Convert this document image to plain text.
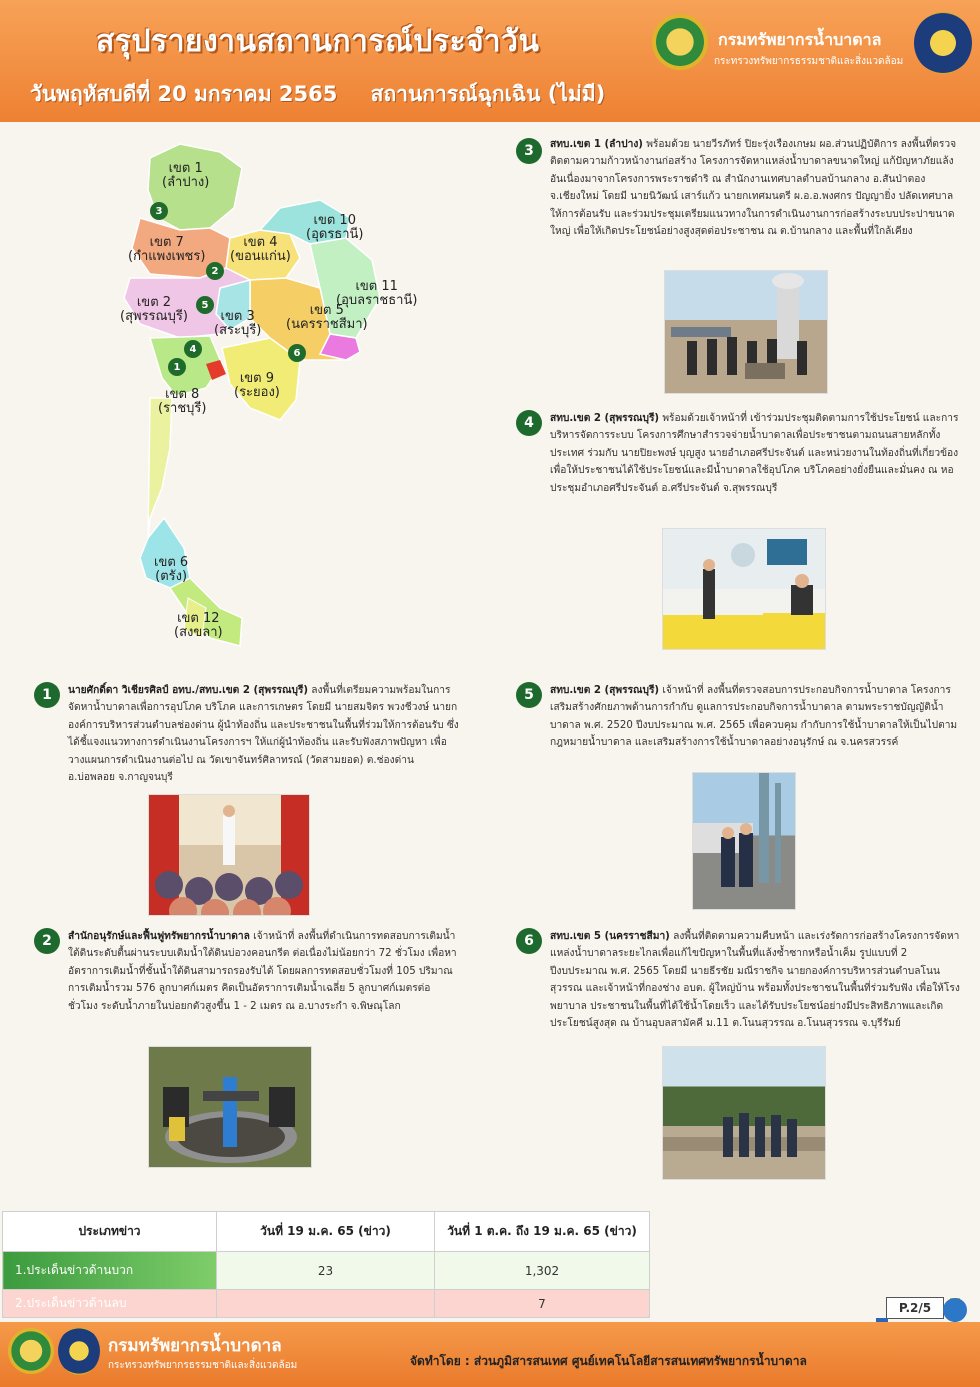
สรุปรายงานสถานการณ์ประจำวัน
วันพฤหัสบดีที่ 20 มกราคม 2565 สถานการณ์ฉุกเฉิน (ไม่มี)
กรมทรัพยากรน้ำบาดาล
กระทรวงทรัพยากรธรรมชาติและสิ่งแวดล้อม
เขต 1
(ลำปาง)
เขต 7
(กำแพงเพชร)
เขต 4
(ขอนแก่น)
เขต 10
(อุดรธานี)
เขต 11
(อุบลราชธานี)
เขต 2
(สุพรรณบุรี)	เขต 3
(สระบุรี)
เขต 5
(นครราชสีมา)
เขต 8
(ราชบุรี)
เขต 9
(ระยอง)
เขต 6
(ตรัง)
เขต 12
(สงขลา)
3
2
5
4
1
6
3	สทบ.เขต 1 (ลำปาง) พร้อมด้วย นายวีรภัทร์ ปิยะรุ่งเรืองเกษม ผอ.ส่วนปฏิบัติการ ลงพื้นที่ตรวจติดตามความก้าวหน้างานก่อสร้าง โครงการจัดหาแหล่งน้ำบาดาลขนาดใหญ่ แก้ปัญหาภัยแล้งอันเนื่องมาจากโครงการพระราชดำริ ณ สำนักงานเทศบาลตำบลบ้านกลาง อ.สันป่าตอง จ.เชียงใหม่ โดยมี นายนิวัฒน์ เสาร์แก้ว นายกเทศมนตรี ผ.อ.อ.พงศกร ปัญญายิ่ง ปลัดเทศบาล ให้การต้อนรับ และร่วมประชุมเตรียมแนวทางในการดำเนินงานการก่อสร้างระบบประปาขนาดใหญ่ เพื่อให้เกิดประโยชน์อย่างสูงสุดต่อประชาชน ณ ต.บ้านกลาง และพื้นที่ใกล้เคียง
4	สทบ.เขต 2 (สุพรรณบุรี) พร้อมด้วยเจ้าหน้าที่ เข้าร่วมประชุมติดตามการใช้ประโยชน์ และการบริหารจัดการระบบ โครงการศึกษาสำรวจจ่ายน้ำบาดาลเพื่อประชาชนตามถนนสายหลักทั้งประเทศ ร่วมกับ นายปิยะพงษ์ บุญสูง นายอำเภอศรีประจันต์ และหน่วยงานในท้องถิ่นที่เกี่ยวข้อง เพื่อให้ประชาชนได้ใช้ประโยชน์และมีน้ำบาดาลใช้อุปโภค บริโภคอย่างยั่งยืนและมั่นคง ณ หอประชุมอำเภอศรีประจันต์ อ.ศรีประจันต์ จ.สุพรรณบุรี
1	นายศักดิ์ดา วิเชียรศิลป์ อทบ./สทบ.เขต 2 (สุพรรณบุรี) ลงพื้นที่เตรียมความพร้อมในการจัดหาน้ำบาดาลเพื่อการอุปโภค บริโภค และการเกษตร โดยมี นายสมจิตร พวงชีวงษ์ นายกองค์การบริหารส่วนตำบลช่องด่าน ผู้นำท้องถิ่น และประชาชนในพื้นที่ร่วมให้การต้อนรับ ซึ่งได้ชี้แจงแนวทางการดำเนินงานโครงการฯ ให้แก่ผู้นำท้องถิ่น และรับฟังสภาพปัญหา เพื่อวางแผนการดำเนินงานต่อไป ณ วัดเขาจันทร์ศิลาทรณ์ (วัดสามยอด) ต.ช่องด่าน อ.บ่อพลอย จ.กาญจนบุรี
5	สทบ.เขต 2 (สุพรรณบุรี) เจ้าหน้าที่ ลงพื้นที่ตรวจสอบการประกอบกิจการน้ำบาดาล โครงการเสริมสร้างศักยภาพด้านการกำกับ ดูแลการประกอบกิจการน้ำบาดาล ตามพระราชบัญญัติน้ำบาดาล พ.ศ. 2520 ปีงบประมาณ พ.ศ. 2565 เพื่อควบคุม กำกับการใช้น้ำบาดาลให้เป็นไปตามกฎหมายน้ำบาดาล และเสริมสร้างการใช้น้ำบาดาลอย่างอนุรักษ์ ณ จ.นครสวรรค์
2	สำนักอนุรักษ์และฟื้นฟูทรัพยากรน้ำบาดาล เจ้าหน้าที่ ลงพื้นที่ดำเนินการทดสอบการเติมน้ำใต้ดินระดับตื้นผ่านระบบเติมน้ำใต้ดินบ่อวงคอนกรีต ต่อเนื่องไม่น้อยกว่า 72 ชั่วโมง เพื่อหาอัตราการเติมน้ำที่ชั้นน้ำใต้ดินสามารถรองรับได้ โดยผลการทดสอบชั่วโมงที่ 105 ปริมาณการเติมน้ำรวม 576 ลูกบาศก์เมตร คิดเป็นอัตราการเติมน้ำเฉลี่ย 5 ลูกบาศก์เมตรต่อชั่วโมง ระดับน้ำภายในบ่อยกตัวสูงขึ้น 1 - 2 เมตร ณ อ.บางระกำ จ.พิษณุโลก
6	สทบ.เขต 5 (นครราชสีมา) ลงพื้นที่ติดตามความคืบหน้า และเร่งรัดการก่อสร้างโครงการจัดหาแหล่งน้ำบาดาลระยะไกลเพื่อแก้ไขปัญหาในพื้นที่แล้งซ้ำซากหรือน้ำเค็ม รูปแบบที่ 2 ปีงบประมาณ พ.ศ. 2565 โดยมี นายธีรชัย มณีราชกิจ นายกองค์การบริหารส่วนตำบลโนนสุวรรณ และเจ้าหน้าที่กองช่าง อบต. ผู้ใหญ่บ้าน พร้อมทั้งประชาชนในพื้นที่ร่วมรับฟัง เพื่อให้โรงพยาบาล ประชาชนในพื้นที่ได้ใช้น้ำโดยเร็ว และได้รับประโยชน์อย่างมีประสิทธิภาพและเกิดประโยชน์สูงสุด ณ บ้านอุบลสามัคคี ม.11 ต.โนนสุวรรณ อ.โนนสุวรรณ จ.บุรีรัมย์
ประเภทข่าว	วันที่ 19 ม.ค. 65 (ข่าว)	วันที่ 1 ต.ค. ถึง 19 ม.ค. 65 (ข่าว)
1.ประเด็นข่าวด้านบวก	23	1,302
2.ประเด็นข่าวด้านลบ		7	P.2/5
กรมทรัพยากรน้ำบาดาล
กระทรวงทรัพยากรธรรมชาติและสิ่งแวดล้อม	จัดทำโดย : ส่วนภูมิสารสนเทศ ศูนย์เทคโนโลยีสารสนเทศทรัพยากรน้ำบาดาล
